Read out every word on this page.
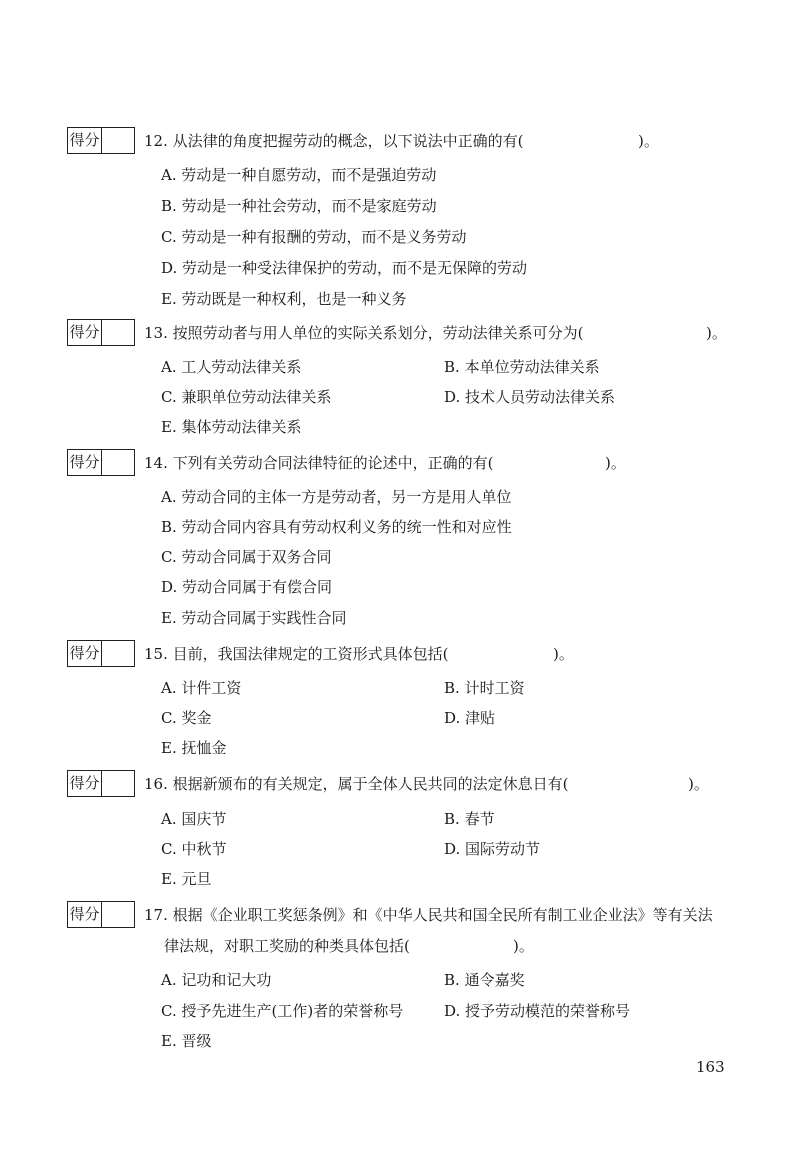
得分	12. 从法律的角度把握劳动的概念，以下说法中正确的有(	)。
A. 劳动是一种自愿劳动，而不是强迫劳动
B. 劳动是一种社会劳动，而不是家庭劳动
C. 劳动是一种有报酬的劳动，而不是义务劳动
D. 劳动是一种受法律保护的劳动，而不是无保障的劳动
E. 劳动既是一种权利，也是一种义务
得分	13. 按照劳动者与用人单位的实际关系划分，劳动法律关系可分为(	)。
A. 工人劳动法律关系	B. 本单位劳动法律关系
C. 兼职单位劳动法律关系	D. 技术人员劳动法律关系
E. 集体劳动法律关系
得分	14. 下列有关劳动合同法律特征的论述中，正确的有(	)。
A. 劳动合同的主体一方是劳动者，另一方是用人单位
B. 劳动合同内容具有劳动权利义务的统一性和对应性
C. 劳动合同属于双务合同
D. 劳动合同属于有偿合同
E. 劳动合同属于实践性合同
得分	15. 目前，我国法律规定的工资形式具体包括(	)。
A. 计件工资	B. 计时工资
C. 奖金	D. 津贴
E. 抚恤金
得分	16. 根据新颁布的有关规定，属于全体人民共同的法定休息日有(	)。
A. 国庆节	B. 春节
C. 中秋节	D. 国际劳动节
E. 元旦
得分	17. 根据《企业职工奖惩条例》和《中华人民共和国全民所有制工业企业法》等有关法
律法规，对职工奖励的种类具体包括(	)。
A. 记功和记大功	B. 通令嘉奖
C. 授予先进生产(工作)者的荣誉称号	D. 授予劳动模范的荣誉称号
E. 晋级
163
